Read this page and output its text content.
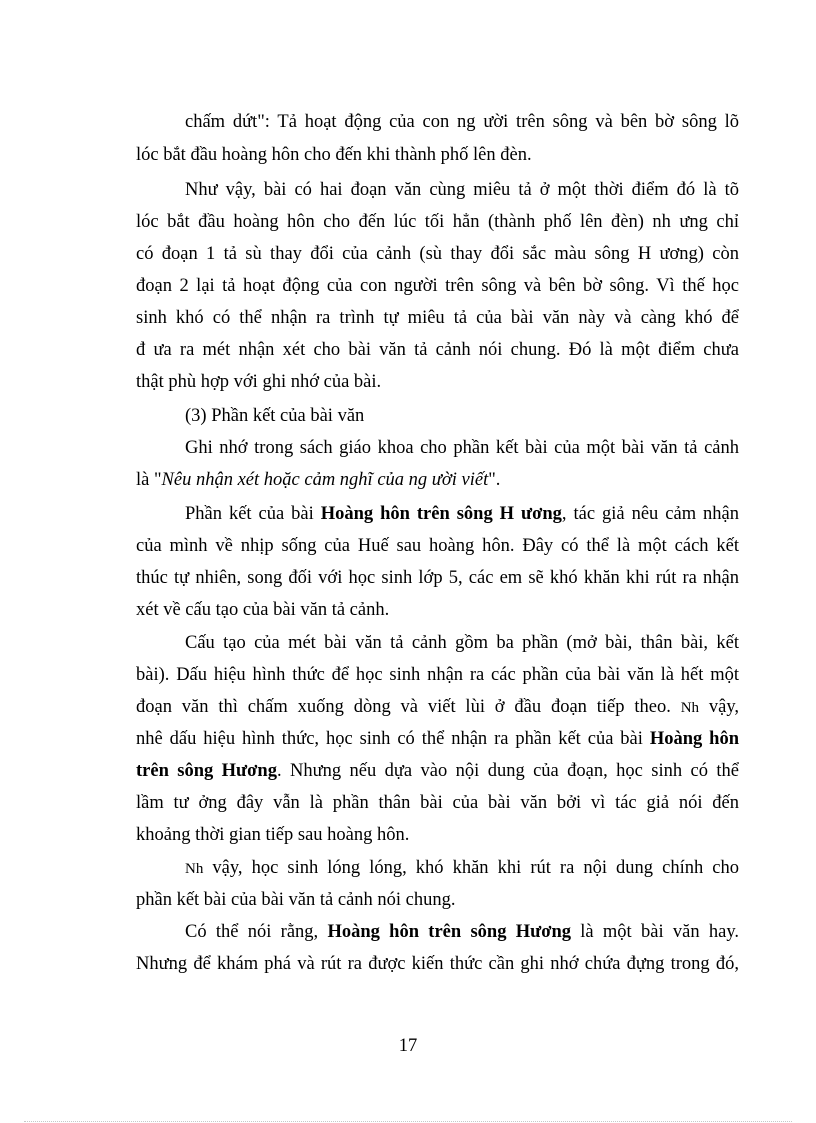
chấm dứt": Tả hoạt động của con ng ười trên sông và bên bờ sông lõ
lóc bắt đầu hoàng hôn cho đến khi thành phố lên đèn.
Như vậy, bài có hai đoạn văn cùng miêu tả ở một thời điểm đó là tõ
lóc bắt đầu hoàng hôn cho đến lúc tối hẳn (thành phố lên đèn) nh ưng chỉ
có đoạn 1 tả sù thay đổi của cảnh (sù thay đổi sắc màu sông H ương) còn
đoạn 2 lại tả hoạt động của con người trên sông và bên bờ sông. Vì thế học
sinh khó có thể nhận ra trình tự miêu tả của bài văn này và càng khó để
đ ưa ra mét nhận xét cho bài văn tả cảnh nói chung. Đó là một điểm chưa
thật phù hợp với ghi nhớ của bài.
(3) Phần kết của bài văn
Ghi nhớ trong sách giáo khoa cho phần kết bài của một bài văn tả cảnh
là "Nêu nhận xét hoặc cảm nghĩ của ng ười viết".
Phần kết của bài Hoàng hôn trên sông H ương, tác giả nêu cảm nhận
của mình về nhịp sống của Huế sau hoàng hôn. Đây có thể là một cách kết
thúc tự nhiên, song đối với học sinh lớp 5, các em sẽ khó khăn khi rút ra nhận
xét về cấu tạo của bài văn tả cảnh.
Cấu tạo của mét bài văn tả cảnh gồm ba phần (mở bài, thân bài, kết
bài). Dấu hiệu hình thức để học sinh nhận ra các phần của bài văn là hết một
đoạn văn thì chấm xuống dòng và viết lùi ở đầu đoạn tiếp theo. Nh vậy,
nhê dấu hiệu hình thức, học sinh có thể nhận ra phần kết của bài Hoàng hôn
trên sông Hương. Nhưng nếu dựa vào nội dung của đoạn, học sinh có thể
lầm tư ởng đây vẫn là phần thân bài của bài văn bởi vì tác giả nói đến
khoảng thời gian tiếp sau hoàng hôn.
Nh vậy, học sinh lóng lóng, khó khăn khi rút ra nội dung chính cho
phần kết bài của bài văn tả cảnh nói chung.
Có thể nói rằng, Hoàng hôn trên sông Hương là một bài văn hay.
Nhưng để khám phá và rút ra được kiến thức cần ghi nhớ chứa đựng trong đó,
17
